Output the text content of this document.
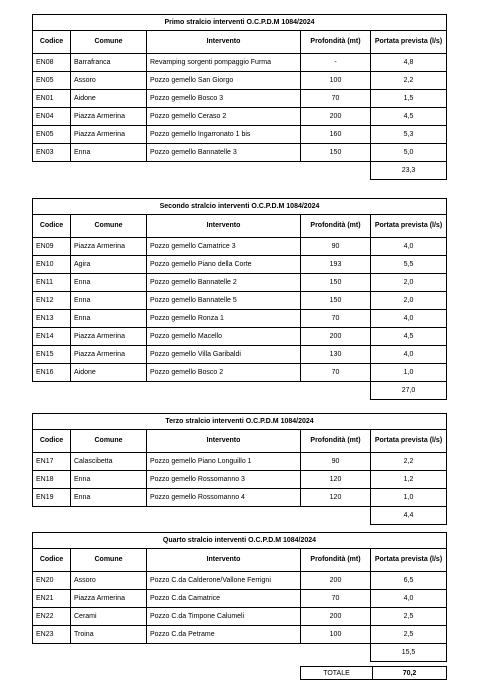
Primo stralcio interventi O.C.P.D.M 1084/2024				
Codice	Comune	Intervento	Profondità (mt)	Portata prevista (l/s)
EN08	Barrafranca	Revamping sorgenti pompaggio Furma	-	4,8
EN05	Assoro	Pozzo gemello San Giorgo	100	2,2
EN01	Aidone	Pozzo gemello Bosco 3	70	1,5
EN04	Piazza Armerina	Pozzo gemello Ceraso 2	200	4,5
EN05	Piazza Armerina	Pozzo gemello Ingarronato 1 bis	160	5,3
EN03	Enna	Pozzo gemello Bannatelle 3	150	5,0
				23,3
Secondo stralcio interventi O.C.P.D.M 1084/2024				
Codice	Comune	Intervento	Profondità (mt)	Portata prevista (l/s)
EN09	Piazza Armerina	Pozzo gemello Camatrice 3	90	4,0
EN10	Agira	Pozzo gemello Piano della Corte	193	5,5
EN11	Enna	Pozzo gemello Bannatelle 2	150	2,0
EN12	Enna	Pozzo gemello Bannatelle 5	150	2,0
EN13	Enna	Pozzo gemello Ronza 1	70	4,0
EN14	Piazza Armerina	Pozzo gemello Macello	200	4,5
EN15	Piazza Armerina	Pozzo gemello Villa Garibaldi	130	4,0
EN16	Aidone	Pozzo gemello Bosco 2	70	1,0
				27,0
Terzo stralcio interventi O.C.P.D.M 1084/2024				
Codice	Comune	Intervento	Profondità (mt)	Portata prevista (l/s)
EN17	Calascibetta	Pozzo gemello Piano Longuillo 1	90	2,2
EN18	Enna	Pozzo gemello Rossomanno 3	120	1,2
EN19	Enna	Pozzo gemello Rossomanno 4	120	1,0
				4,4
Quarto stralcio interventi O.C.P.D.M 1084/2024				
Codice	Comune	Intervento	Profondità (mt)	Portata prevista (l/s)
EN20	Assoro	Pozzo C.da Calderone/Vallone Ferrigni	200	6,5
EN21	Piazza Armerina	Pozzo C.da Camatrice	70	4,0
EN22	Cerami	Pozzo C.da Timpone Calumeli	200	2,5
EN23	Troina	Pozzo C.da Petrame	100	2,5
				15,5
TOTALE	70,2
